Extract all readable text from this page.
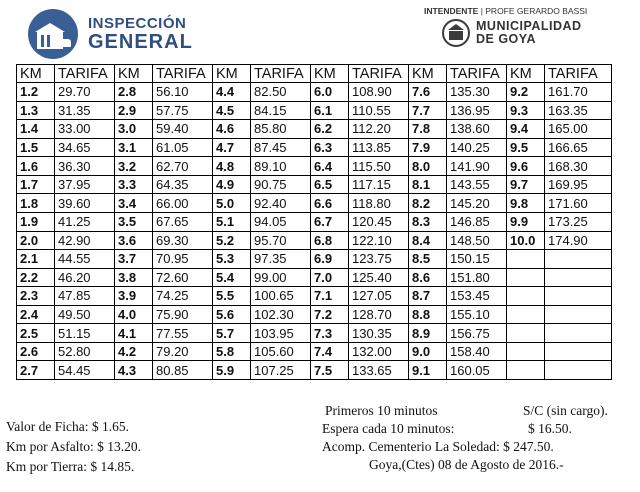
INSPECCIÓN
GENERAL
INTENDENTE | PROFE GERARDO BASSI
MUNICIPALIDAD
DE GOYA
KM	TARIFA	KM	TARIFA	KM	TARIFA	KM	TARIFA	KM	TARIFA	KM	TARIFA
1.2	29.70	2.8	56.10	4.4	82.50	6.0	108.90	7.6	135.30	9.2	161.70
1.3	31.35	2.9	57.75	4.5	84.15	6.1	110.55	7.7	136.95	9.3	163.35
1.4	33.00	3.0	59.40	4.6	85.80	6.2	112.20	7.8	138.60	9.4	165.00
1.5	34.65	3.1	61.05	4.7	87.45	6.3	113.85	7.9	140.25	9.5	166.65
1.6	36.30	3.2	62.70	4.8	89.10	6.4	115.50	8.0	141.90	9.6	168.30
1.7	37.95	3.3	64.35	4.9	90.75	6.5	117.15	8.1	143.55	9.7	169.95
1.8	39.60	3.4	66.00	5.0	92.40	6.6	118.80	8.2	145.20	9.8	171.60
1.9	41.25	3.5	67.65	5.1	94.05	6.7	120.45	8.3	146.85	9.9	173.25
2.0	42.90	3.6	69.30	5.2	95.70	6.8	122.10	8.4	148.50	10.0	174.90
2.1	44.55	3.7	70.95	5.3	97.35	6.9	123.75	8.5	150.15		
2.2	46.20	3.8	72.60	5.4	99.00	7.0	125.40	8.6	151.80		
2.3	47.85	3.9	74.25	5.5	100.65	7.1	127.05	8.7	153.45		
2.4	49.50	4.0	75.90	5.6	102.30	7.2	128.70	8.8	155.10		
2.5	51.15	4.1	77.55	5.7	103.95	7.3	130.35	8.9	156.75		
2.6	52.80	4.2	79.20	5.8	105.60	7.4	132.00	9.0	158.40		
2.7	54.45	4.3	80.85	5.9	107.25	7.5	133.65	9.1	160.05		
Valor de Ficha: $ 1.65.
Km por Asfalto: $ 13.20.
Km por Tierra: $ 14.85.
Primeros 10 minutos	S/C (sin cargo).
Espera cada 10 minutos:	$ 16.50.
Acomp. Cementerio La Soledad: $ 247.50.
Goya,(Ctes) 08 de Agosto de 2016.-
